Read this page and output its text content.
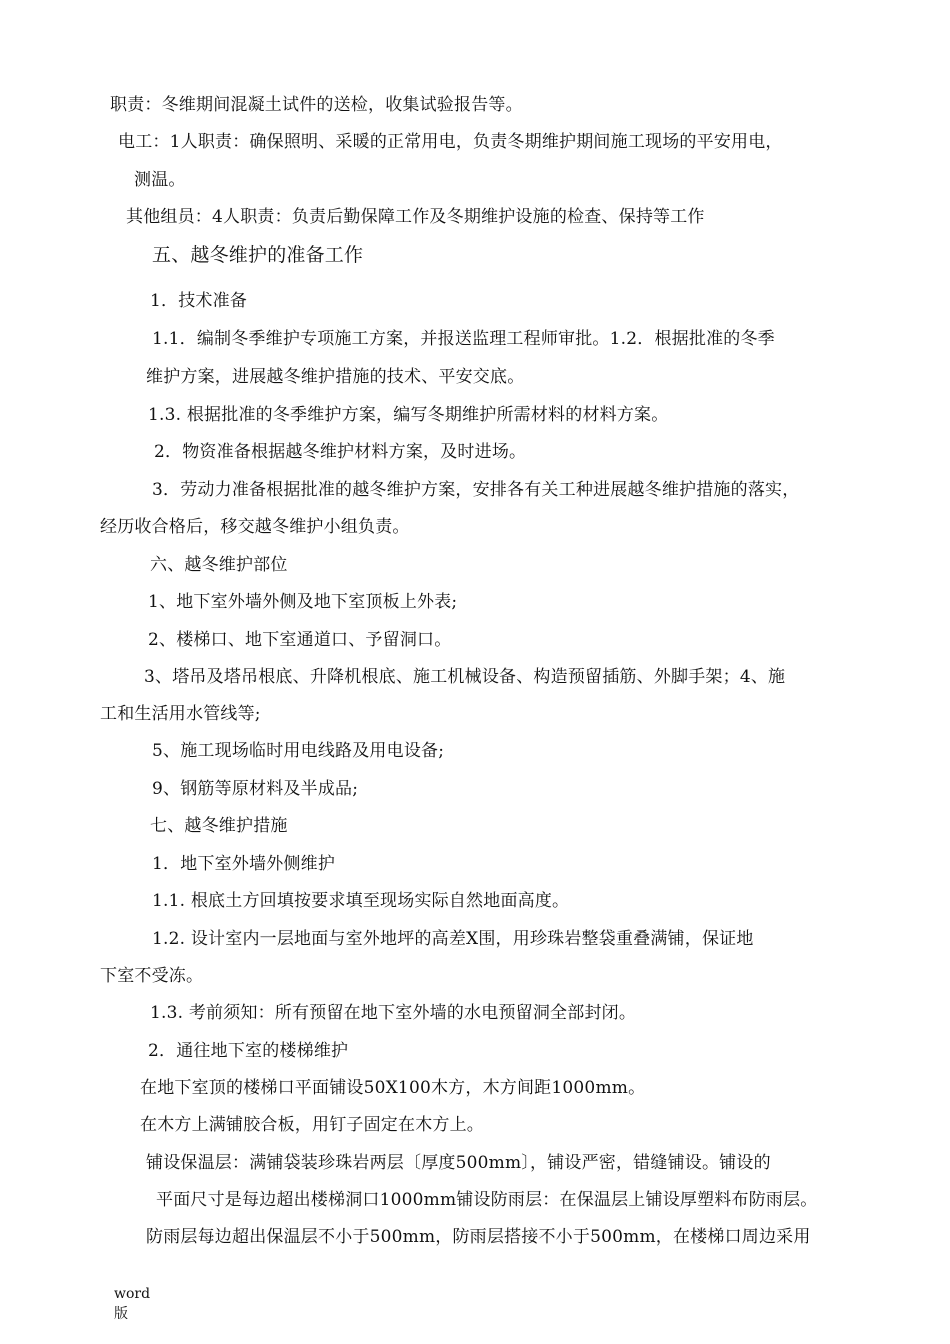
职责：冬维期间混凝土试件的送检，收集试验报告等。
电工：1人职责：确保照明、采暖的正常用电，负责冬期维护期间施工现场的平安用电，
测温。
其他组员：4人职责：负责后勤保障工作及冬期维护设施的检查、保持等工作
五、越冬维护的准备工作
1．技术准备
1.1．编制冬季维护专项施工方案，并报送监理工程师审批。1.2．根据批准的冬季
维护方案，进展越冬维护措施的技术、平安交底。
1.3. 根据批准的冬季维护方案，编写冬期维护所需材料的材料方案。
2．物资准备根据越冬维护材料方案，及时进场。
3．劳动力准备根据批准的越冬维护方案，安排各有关工种进展越冬维护措施的落实，
经历收合格后，移交越冬维护小组负责。
六、越冬维护部位
1、地下室外墙外侧及地下室顶板上外表;
2、楼梯口、地下室通道口、予留洞口。
3、塔吊及塔吊根底、升降机根底、施工机械设备、构造预留插筋、外脚手架；4、施
工和生活用水管线等;
5、施工现场临时用电线路及用电设备;
9、钢筋等原材料及半成品;
七、越冬维护措施
1．地下室外墙外侧维护
1.1. 根底土方回填按要求填至现场实际自然地面高度。
1.2. 设计室内一层地面与室外地坪的高差X围，用珍珠岩整袋重叠满铺，保证地
下室不受冻。
1.3. 考前须知：所有预留在地下室外墙的水电预留洞全部封闭。
2．通往地下室的楼梯维护
在地下室顶的楼梯口平面铺设50X100木方，木方间距1000mm。
在木方上满铺胶合板，用钉子固定在木方上。
铺设保温层：满铺袋装珍珠岩两层〔厚度500mm〕，铺设严密，错缝铺设。铺设的
平面尺寸是每边超出楼梯洞口1000mm铺设防雨层：在保温层上铺设厚塑料布防雨层。
防雨层每边超出保温层不小于500mm，防雨层搭接不小于500mm，在楼梯口周边采用
word
版
